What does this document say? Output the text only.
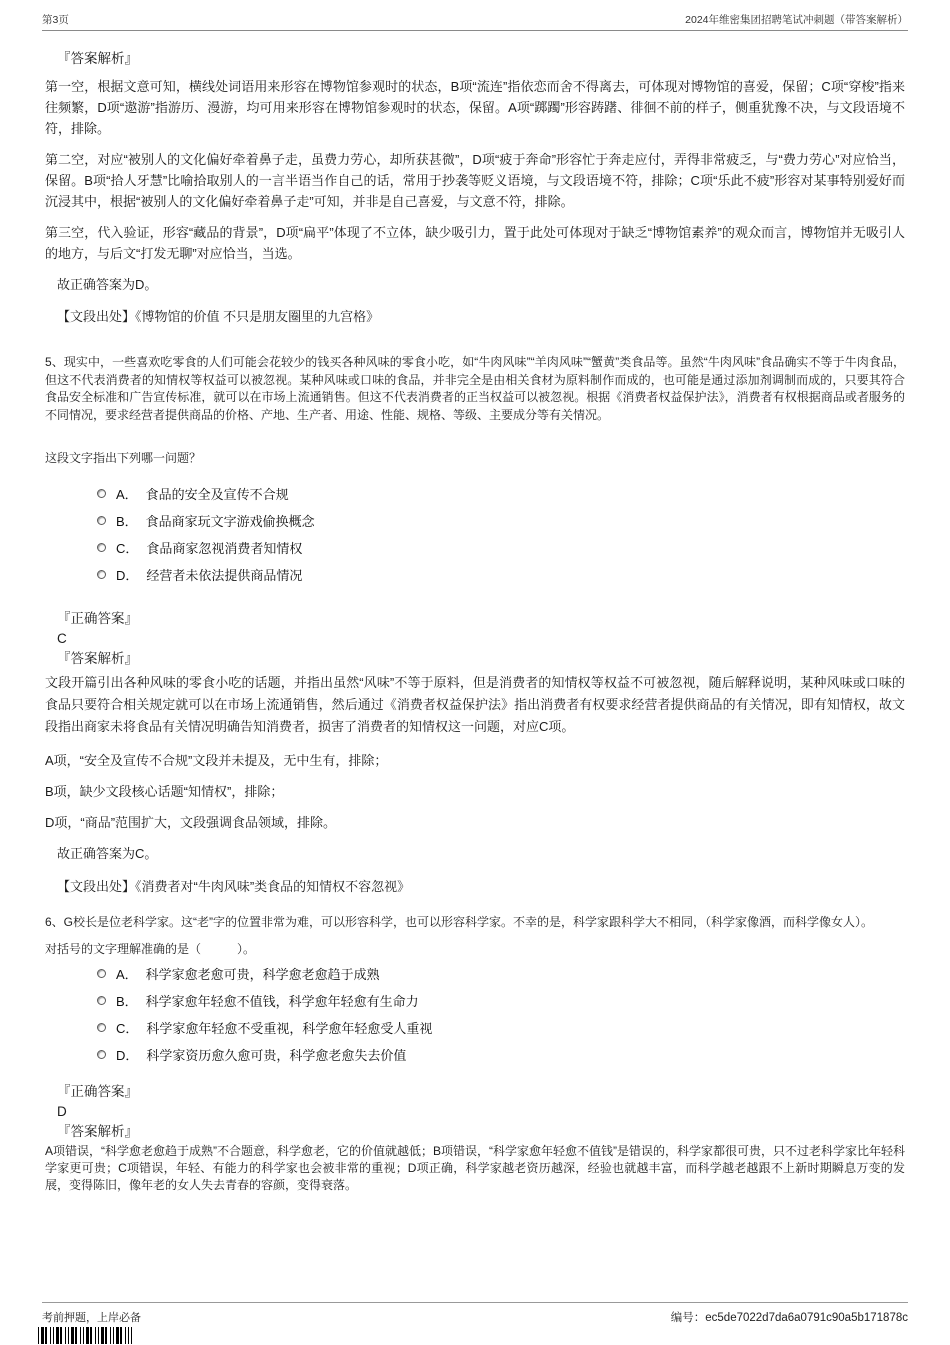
第3页	2024年维密集团招聘笔试冲刺题（带答案解析）
『答案解析』

第一空，根据文意可知，横线处词语用来形容在博物馆参观时的状态，B项“流连”指依恋而舍不得离去，可体现对博物馆的喜爱，保留；C项“穿梭”指来往频繁，D项“遨游”指游历、漫游，均可用来形容在博物馆参观时的状态，保留。A项“踯躅”形容踌躇、徘徊不前的样子，侧重犹豫不决，与文段语境不符，排除。

第二空，对应“被别人的文化偏好牵着鼻子走，虽费力劳心，却所获甚微”，D项“疲于奔命”形容忙于奔走应付，弄得非常疲乏，与“费力劳心”对应恰当，保留。B项“拾人牙慧”比喻拾取别人的一言半语当作自己的话，常用于抄袭等贬义语境，与文段语境不符，排除；C项“乐此不疲”形容对某事特别爱好而沉浸其中，根据“被别人的文化偏好牵着鼻子走”可知，并非是自己喜爱，与文意不符，排除。

第三空，代入验证，形容“藏品的背景”，D项“扁平”体现了不立体，缺少吸引力，置于此处可体现对于缺乏“博物馆素养”的观众而言，博物馆并无吸引人的地方，与后文“打发无聊”对应恰当，当选。

故正确答案为D。
【文段出处】《博物馆的价值 不只是朋友圈里的九宫格》

5、现实中，一些喜欢吃零食的人们可能会花较少的钱买各种风味的零食小吃，如“牛肉风味”“羊肉风味”“蟹黄”类食品等。虽然“牛肉风味”食品确实不等于牛肉食品，但这不代表消费者的知情权等权益可以被忽视。某种风味或口味的食品，并非完全是由相关食材为原料制作而成的，也可能是通过添加剂调制而成的，只要其符合食品安全标准和广告宣传标准，就可以在市场上流通销售。但这不代表消费者的正当权益可以被忽视。根据《消费者权益保护法》，消费者有权根据商品或者服务的不同情况，要求经营者提供商品的价格、产地、生产者、用途、性能、规格、等级、主要成分等有关情况。

这段文字指出下列哪一问题？
A． 食品的安全及宣传不合规
B． 食品商家玩文字游戏偷换概念
C． 食品商家忽视消费者知情权
D． 经营者未依法提供商品情况
『正确答案』
C
『答案解析』

文段开篇引出各种风味的零食小吃的话题，并指出虽然“风味”不等于原料，但是消费者的知情权等权益不可被忽视，随后解释说明，某种风味或口味的食品只要符合相关规定就可以在市场上流通销售，然后通过《消费者权益保护法》指出消费者有权要求经营者提供商品的有关情况，即有知情权，故文段指出商家未将食品有关情况明确告知消费者，损害了消费者的知情权这一问题，对应C项。

A项，“安全及宣传不合规”文段并未提及，无中生有，排除；
B项，缺少文段核心话题“知情权”，排除；
D项，“商品”范围扩大，文段强调食品领域，排除。
故正确答案为C。
【文段出处】《消费者对“牛肉风味”类食品的知情权不容忽视》

6、G校长是位老科学家。这“老”字的位置非常为难，可以形容科学，也可以形容科学家。不幸的是，科学家跟科学大不相同，（科学家像酒，而科学像女人）。

对括号的文字理解准确的是（　　　）。
A． 科学家愈老愈可贵，科学愈老愈趋于成熟
B． 科学家愈年轻愈不值钱，科学愈年轻愈有生命力
C． 科学家愈年轻愈不受重视，科学愈年轻愈受人重视
D． 科学家资历愈久愈可贵，科学愈老愈失去价值
『正确答案』
D
『答案解析』

A项错误，“科学愈老愈趋于成熟”不合题意，科学愈老，它的价值就越低；B项错误，“科学家愈年轻愈不值钱”是错误的，科学家都很可贵，只不过老科学家比年轻科学家更可贵；C项错误，年轻、有能力的科学家也会被非常的重视；D项正确，科学家越老资历越深，经验也就越丰富，而科学越老越跟不上新时期瞬息万变的发展，变得陈旧，像年老的女人失去青春的容颜，变得衰落。

考前押题，上岸必备	编号：ec5de7022d7da6a0791c90a5b171878c
